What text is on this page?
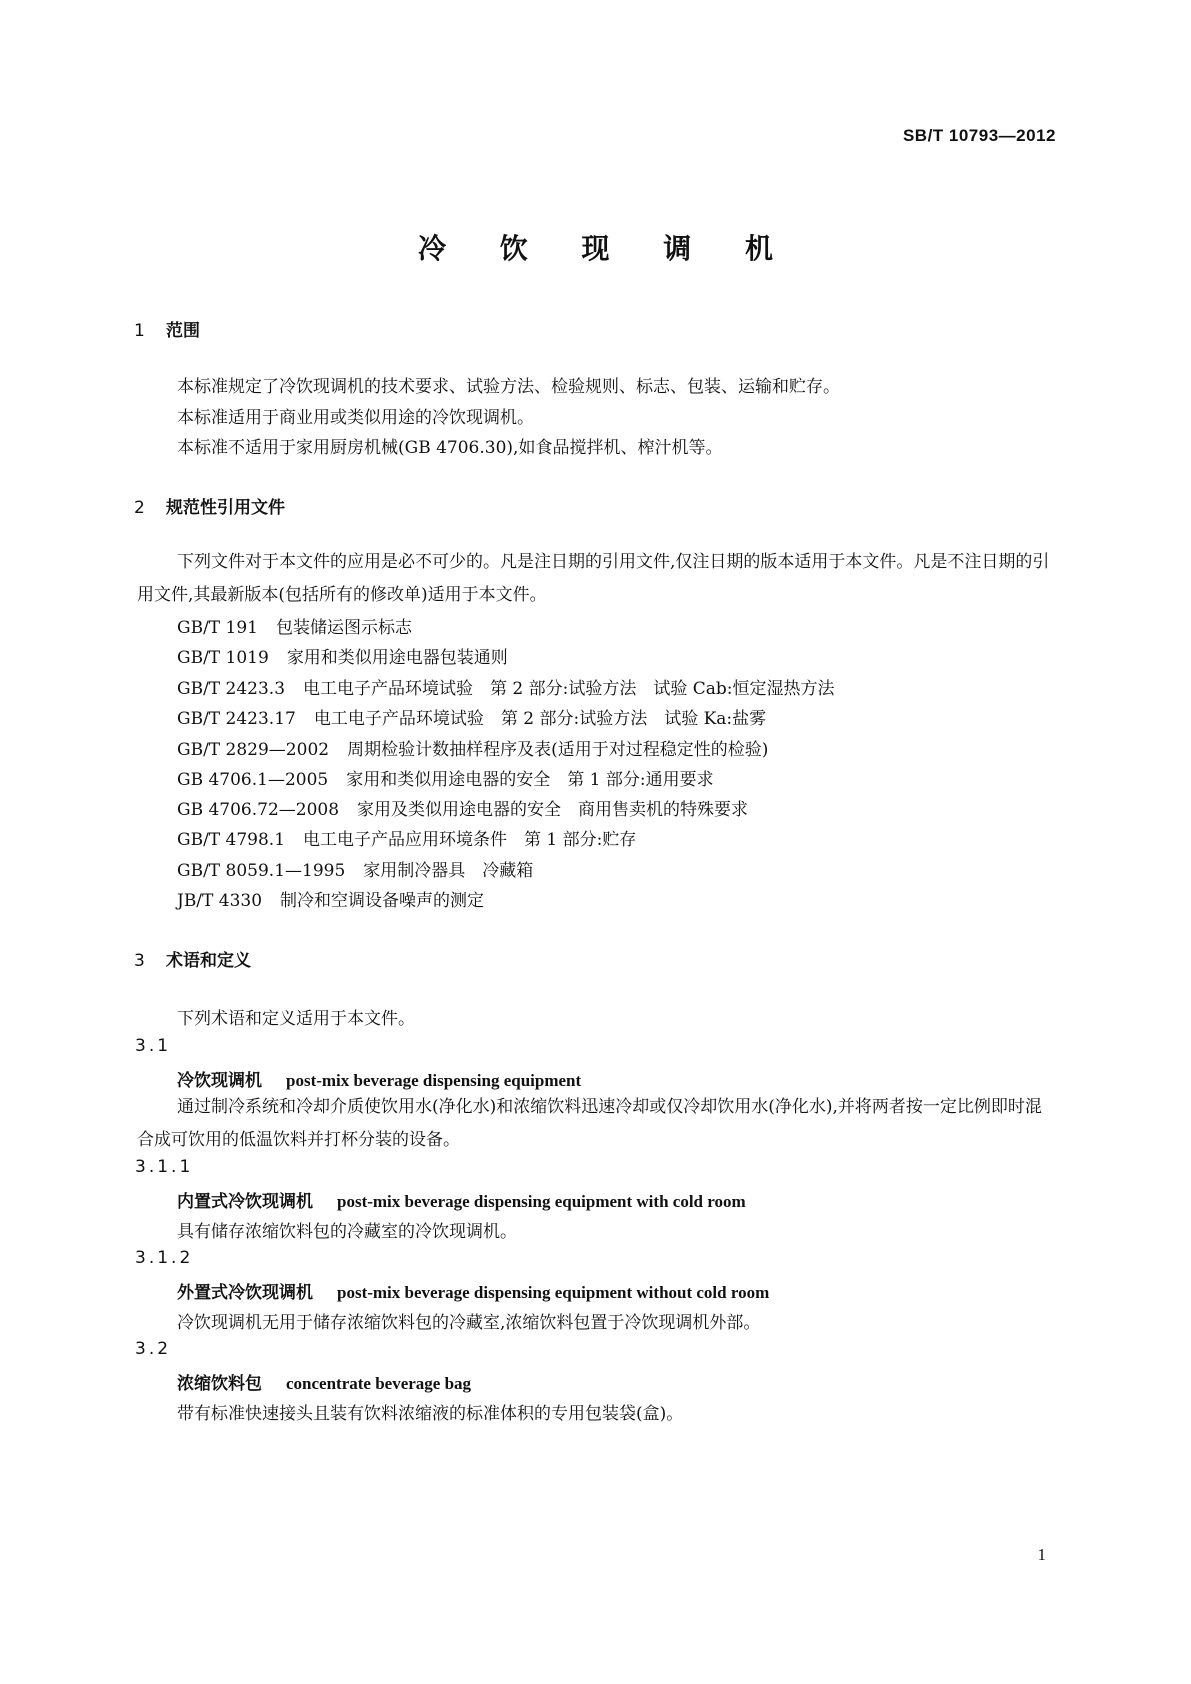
SB/T 10793—2012
冷 饮 现 调 机
1 范围
本标准规定了冷饮现调机的技术要求、试验方法、检验规则、标志、包装、运输和贮存。
本标准适用于商业用或类似用途的冷饮现调机。
本标准不适用于家用厨房机械(GB 4706.30),如食品搅拌机、榨汁机等。
2 规范性引用文件
下列文件对于本文件的应用是必不可少的。凡是注日期的引用文件,仅注日期的版本适用于本文件。凡是不注日期的引用文件,其最新版本(包括所有的修改单)适用于本文件。
GB/T 191 包装储运图示标志
GB/T 1019 家用和类似用途电器包装通则
GB/T 2423.3 电工电子产品环境试验　第 2 部分:试验方法　试验 Cab:恒定湿热方法
GB/T 2423.17 电工电子产品环境试验　第 2 部分:试验方法　试验 Ka:盐雾
GB/T 2829—2002 周期检验计数抽样程序及表(适用于对过程稳定性的检验)
GB 4706.1—2005 家用和类似用途电器的安全　第 1 部分:通用要求
GB 4706.72—2008 家用及类似用途电器的安全　商用售卖机的特殊要求
GB/T 4798.1 电工电子产品应用环境条件　第 1 部分:贮存
GB/T 8059.1—1995 家用制冷器具　冷藏箱
JB/T 4330 制冷和空调设备噪声的测定
3 术语和定义
下列术语和定义适用于本文件。
3.1
冷饮现调机 post-mix beverage dispensing equipment
通过制冷系统和冷却介质使饮用水(净化水)和浓缩饮料迅速冷却或仅冷却饮用水(净化水),并将两者按一定比例即时混合成可饮用的低温饮料并打杯分装的设备。
3.1.1
内置式冷饮现调机 post-mix beverage dispensing equipment with cold room
具有储存浓缩饮料包的冷藏室的冷饮现调机。
3.1.2
外置式冷饮现调机 post-mix beverage dispensing equipment without cold room
冷饮现调机无用于储存浓缩饮料包的冷藏室,浓缩饮料包置于冷饮现调机外部。
3.2
浓缩饮料包 concentrate beverage bag
带有标准快速接头且装有饮料浓缩液的标准体积的专用包装袋(盒)。
1
